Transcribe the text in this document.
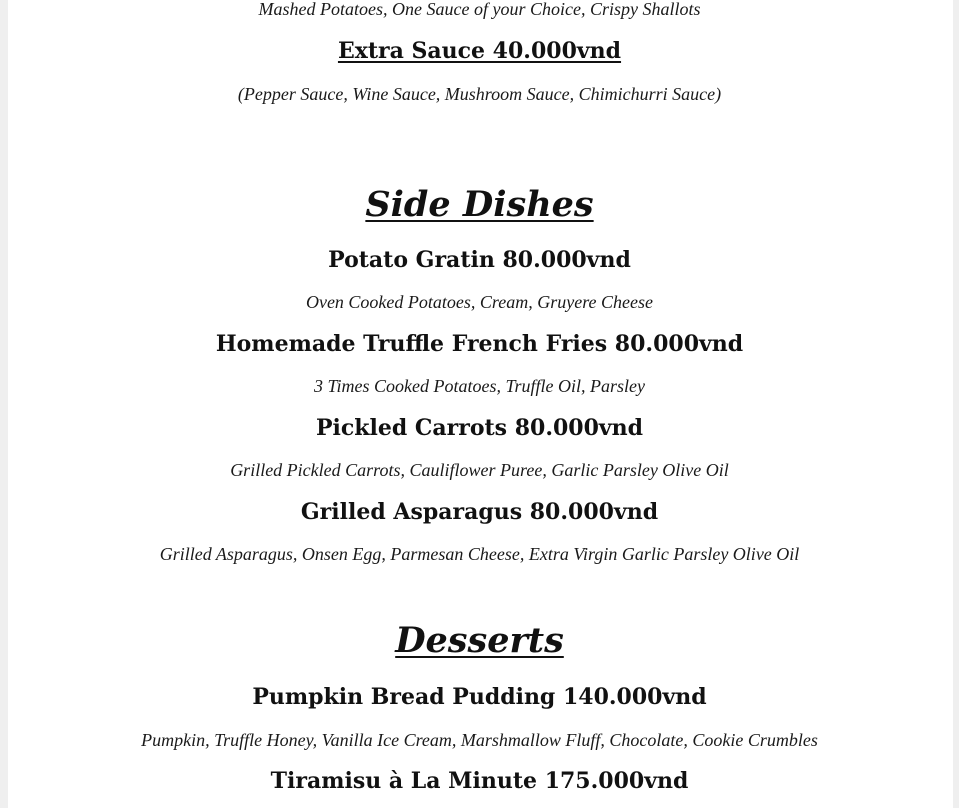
Mashed Potatoes, One Sauce of your Choice, Crispy Shallots
Extra Sauce 40.000vnd
(Pepper Sauce, Wine Sauce, Mushroom Sauce, Chimichurri Sauce)
Side Dishes
Potato Gratin 80.000vnd
Oven Cooked Potatoes, Cream, Gruyere Cheese
Homemade Truffle French Fries 80.000vnd
3 Times Cooked Potatoes, Truffle Oil, Parsley
Pickled Carrots 80.000vnd
Grilled Pickled Carrots, Cauliflower Puree, Garlic Parsley Olive Oil
Grilled Asparagus 80.000vnd
Grilled Asparagus, Onsen Egg, Parmesan Cheese, Extra Virgin Garlic Parsley Olive Oil
Desserts
Pumpkin Bread Pudding 140.000vnd
Pumpkin, Truffle Honey, Vanilla Ice Cream, Marshmallow Fluff, Chocolate, Cookie Crumbles
Tiramisu à La Minute 175.000vnd
